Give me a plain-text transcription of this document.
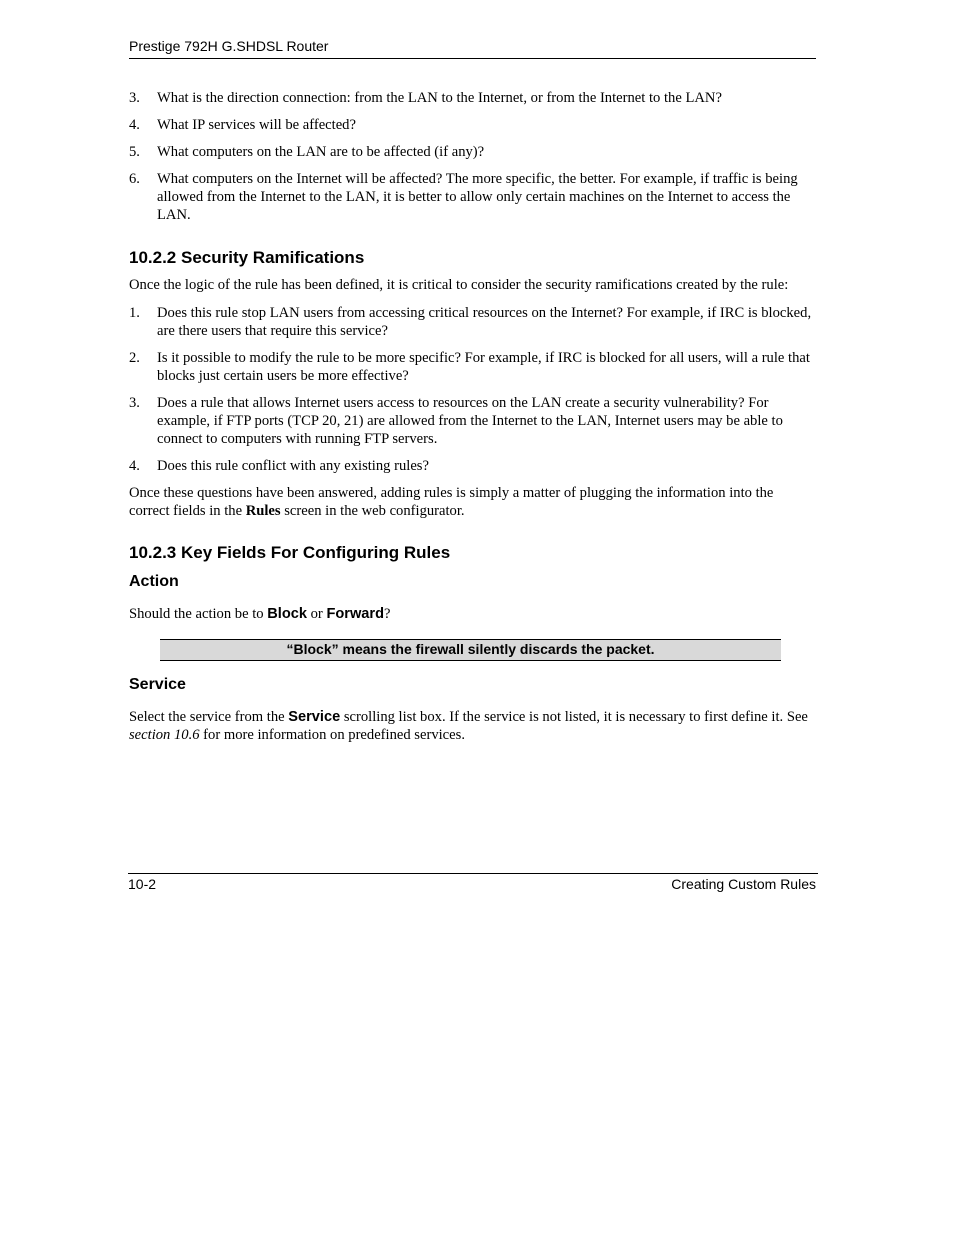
Prestige 792H G.SHDSL Router
3. What is the direction connection: from the LAN to the Internet, or from the Internet to the LAN?
4. What IP services will be affected?
5. What computers on the LAN are to be affected (if any)?
6. What computers on the Internet will be affected? The more specific, the better. For example, if traffic is being allowed from the Internet to the LAN, it is better to allow only certain machines on the Internet to access the LAN.
10.2.2 Security Ramifications

Once the logic of the rule has been defined, it is critical to consider the security ramifications created by the rule:

1. Does this rule stop LAN users from accessing critical resources on the Internet? For example, if IRC is blocked, are there users that require this service?
2. Is it possible to modify the rule to be more specific? For example, if IRC is blocked for all users, will a rule that blocks just certain users be more effective?
3. Does a rule that allows Internet users access to resources on the LAN create a security vulnerability? For example, if FTP ports (TCP 20, 21) are allowed from the Internet to the LAN, Internet users may be able to connect to computers with running FTP servers.
4. Does this rule conflict with any existing rules?

Once these questions have been answered, adding rules is simply a matter of plugging the information into the correct fields in the Rules screen in the web configurator.

10.2.3 Key Fields For Configuring Rules
Action

Should the action be to Block or Forward?

“Block” means the firewall silently discards the packet.
Service

Select the service from the Service scrolling list box. If the service is not listed, it is necessary to first define it. See section 10.6 for more information on predefined services.

10-2	Creating Custom Rules
